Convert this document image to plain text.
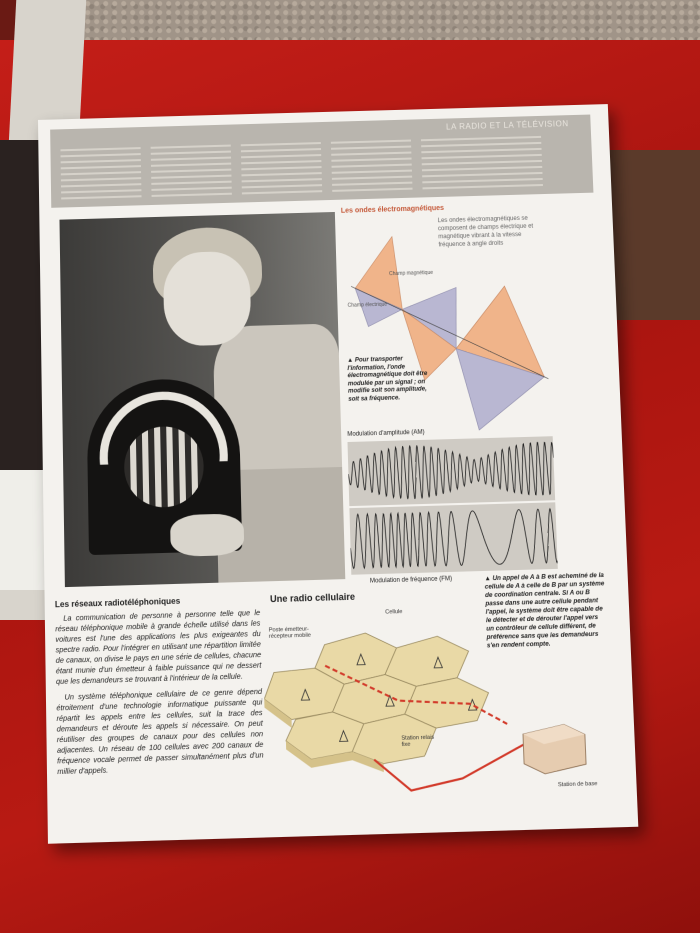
LA RADIO ET LA TÉLÉVISION
Les ondes électromagnétiques
Les ondes électromagnétiques se composent de champs électrique et magnétique vibrant à la vitesse fréquence à angle droits
Champ magnétique
Champ électrique
▲ Pour transporter l'information, l'onde électromagnétique doit être modulée par un signal ; on modifie soit son amplitude, soit sa fréquence.
Modulation d'amplitude (AM)
Modulation de fréquence (FM)
Les réseaux radiotéléphoniques

La communication de personne à personne telle que le réseau téléphonique mobile à grande échelle utilisé dans les voitures est l'une des applications les plus exigeantes du spectre radio. Pour l'intégrer en utilisant une répartition limitée de canaux, on divise le pays en une série de cellules, chacune étant munie d'un émetteur à faible puissance qui ne dessert que les demandeurs se trouvant à l'intérieur de la cellule.

Un système téléphonique cellulaire de ce genre dépend étroitement d'une technologie informatique puissante qui répartit les appels entre les cellules, suit la trace des demandeurs et déroute les appels si nécessaire. On peut réutiliser des groupes de canaux pour des cellules non adjacentes. Un réseau de 100 cellules avec 200 canaux de fréquence vocale permet de passer simultanément plus d'un millier d'appels.

Une radio cellulaire
▲ Un appel de A à B est acheminé de la cellule de A à celle de B par un système de coordination centrale. Si A ou B passe dans une autre cellule pendant l'appel, le système doit être capable de le détecter et de dérouter l'appel vers un contrôleur de cellule différent, de préférence sans que les demandeurs s'en rendent compte.
Cellule
Poste émetteur-récepteur mobile
Station relais fixe
Station de base
